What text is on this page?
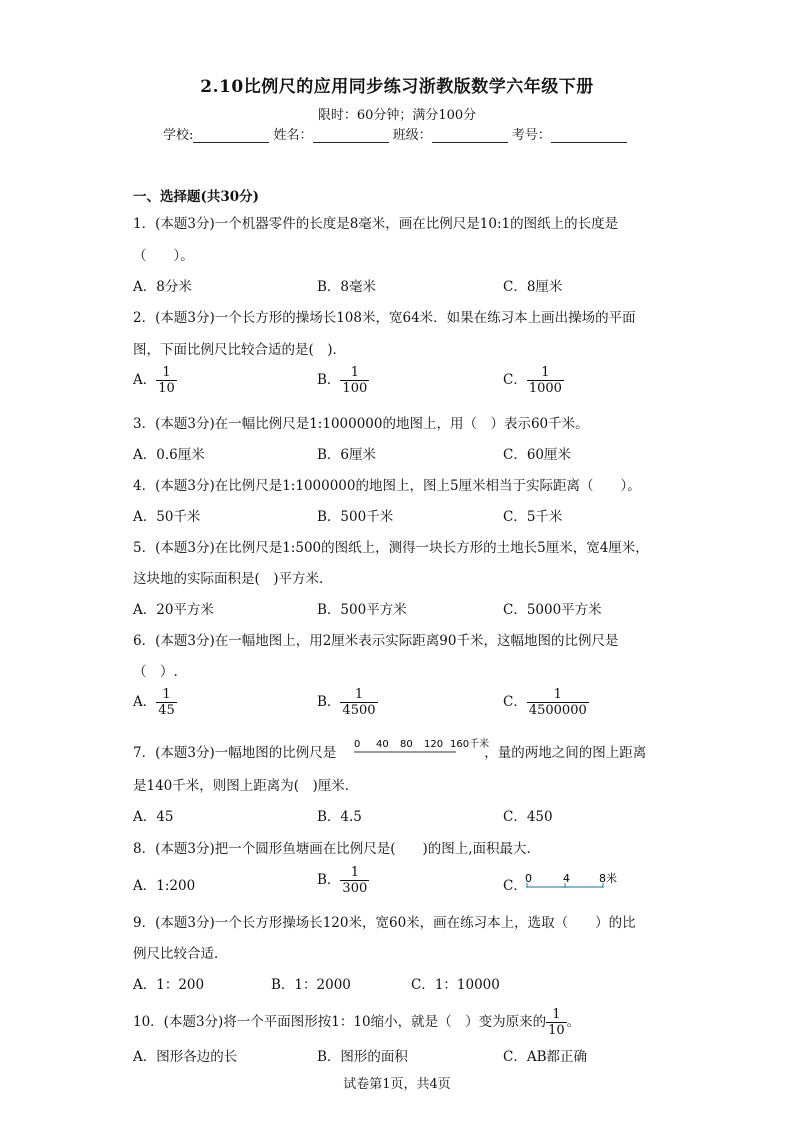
2.10比例尺的应用同步练习浙教版数学六年级下册
限时：60分钟；满分100分
学校:	姓名：	班级：	考号：
一、选择题(共30分)
1．(本题3分)一个机器零件的长度是8毫米，画在比例尺是10:1的图纸上的长度是
（　　）。
A．8分米	B．8毫米	C．8厘米
2．(本题3分)一个长方形的操场长108米，宽64米．如果在练习本上画出操场的平面
图，下面比例尺比较合适的是(　)．
A． $\frac{1}{10}$	B． $\frac{1}{100}$	C． $\frac{1}{1000}$
3．(本题3分)在一幅比例尺是1:1000000的地图上，用（　）表示60千米。
A．0.6厘米	B．6厘米	C．60厘米
4．(本题3分)在比例尺是1:1000000的地图上，图上5厘米相当于实际距离（　　）。
A．50千米	B．500千米	C．5千米
5．(本题3分)在比例尺是1:500的图纸上，测得一块长方形的土地长5厘米，宽4厘米，
这块地的实际面积是(　)平方米．
A．20平方米	B．500平方米	C．5000平方米
6．(本题3分)在一幅地图上，用2厘米表示实际距离90千米，这幅地图的比例尺是
（　）.
A． $\frac{1}{45}$	B． $\frac{1}{4500}$	C． $\frac{1}{4500000}$
7．(本题3分)一幅地图的比例尺是	，量的两地之间的图上距离
0 40 80 120 160千米
是140千米，则图上距离为(　)厘米．
A．45	B．4.5	C．450
8．(本题3分)把一个圆形鱼塘画在比例尺是(　　)的图上,面积最大．
A．1:200	B． $\frac{1}{300}$	C．
0	4	8米
9．(本题3分)一个长方形操场长120米，宽60米，画在练习本上，选取（　　）的比
例尺比较合适．
A．1：200	B．1：2000	C．1：10000
10．(本题3分)将一个平面图形按1：10缩小，就是（　）变为原来的 $\frac{1}{10}$ 。
A．图形各边的长	B．图形的面积	C．AB都正确
试卷第1页，共4页
